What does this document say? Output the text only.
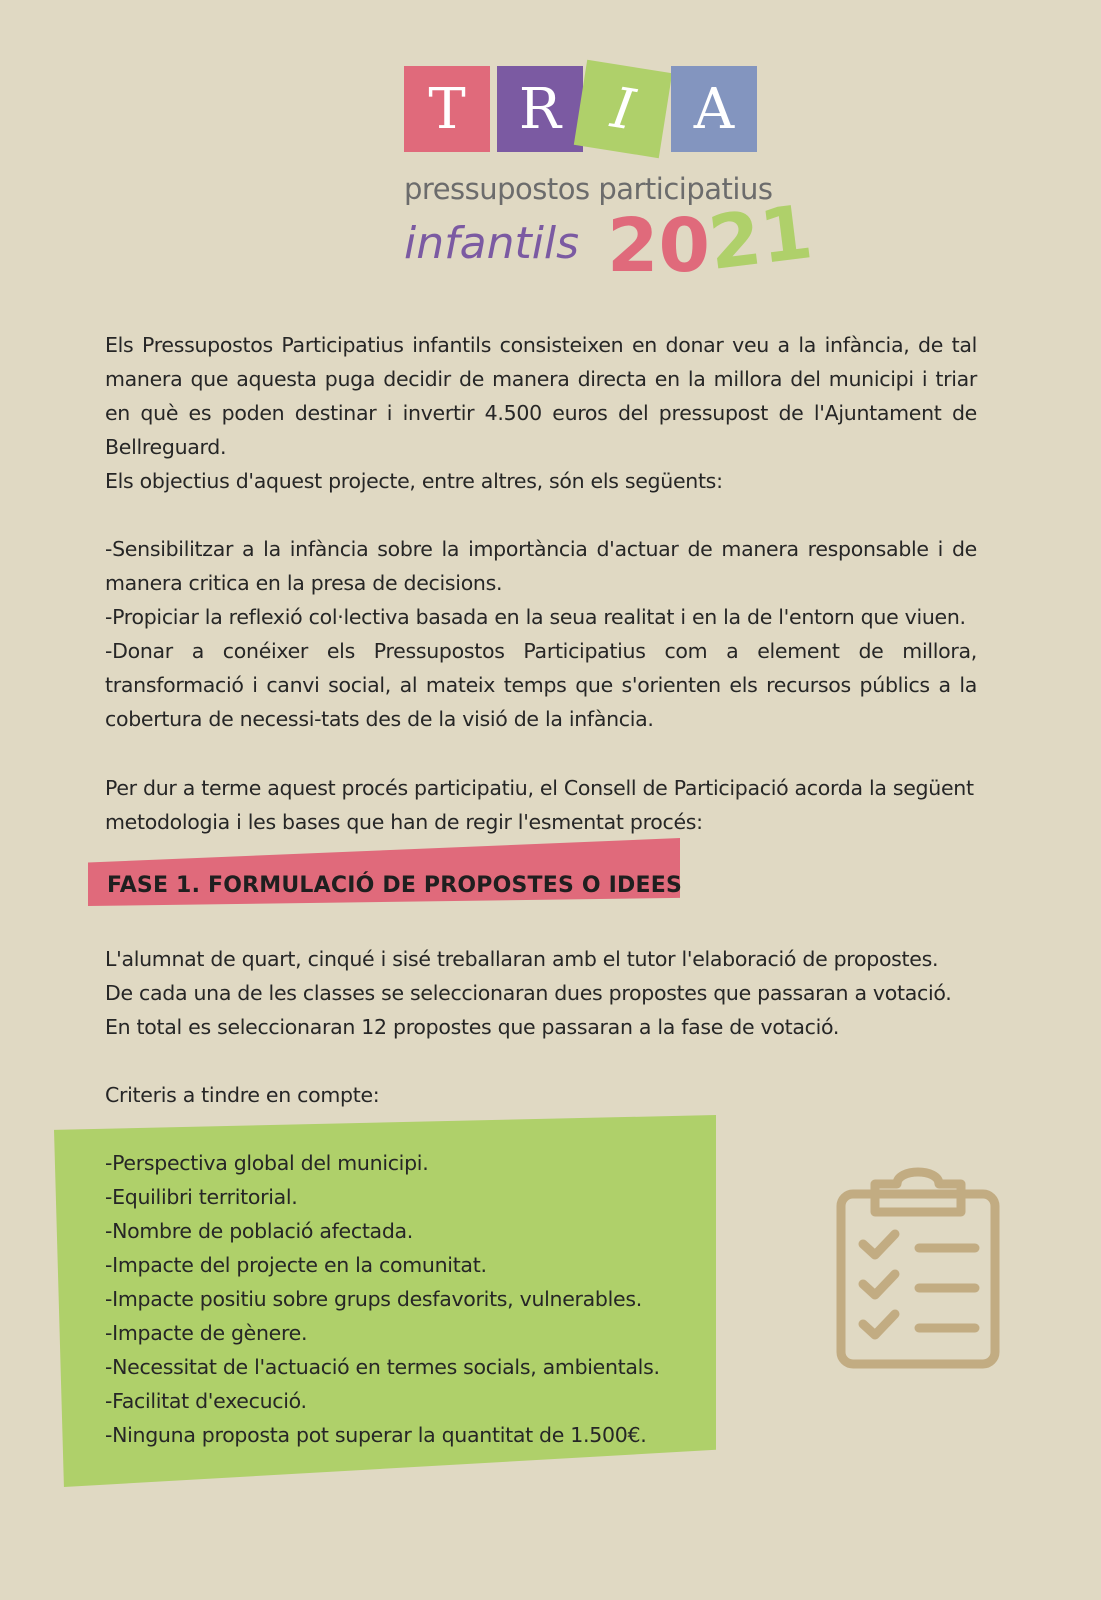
T R I A
pressupostos participatius
infantils 2021

Els Pressupostos Participatius infantils consisteixen en donar veu a la infància, de tal manera que aquesta puga decidir de manera directa en la millora del municipi i triar en què es poden destinar i invertir 4.500 euros del pressupost de l'Ajuntament de Bellreguard.

Els objectius d'aquest projecte, entre altres, són els següents:

-Sensibilitzar a la infància sobre la importància d'actuar de manera responsable i de manera critica en la presa de decisions.

-Propiciar la reflexió col·lectiva basada en la seua realitat i en la de l'entorn que viuen.

-Donar a conéixer els Pressupostos Participatius com a element de millora, transformació i canvi social, al mateix temps que s'orienten els recursos públics a la cobertura de necessi-tats des de la visió de la infància.

Per dur a terme aquest procés participatiu, el Consell de Participació acorda la següent metodologia i les bases que han de regir l'esmentat procés:
FASE 1. FORMULACIÓ DE PROPOSTES O IDEES

L'alumnat de quart, cinqué i sisé treballaran amb el tutor l'elaboració de propostes.

De cada una de les classes se seleccionaran dues propostes que passaran a votació.

En total es seleccionaran 12 propostes que passaran a la fase de votació.

Criteris a tindre en compte:
-Perspectiva global del municipi.
-Equilibri territorial.
-Nombre de població afectada.
-Impacte del projecte en la comunitat.
-Impacte positiu sobre grups desfavorits, vulnerables.
-Impacte de gènere.
-Necessitat de l'actuació en termes socials, ambientals.
-Facilitat d'execució.
-Ninguna proposta pot superar la quantitat de 1.500€.
